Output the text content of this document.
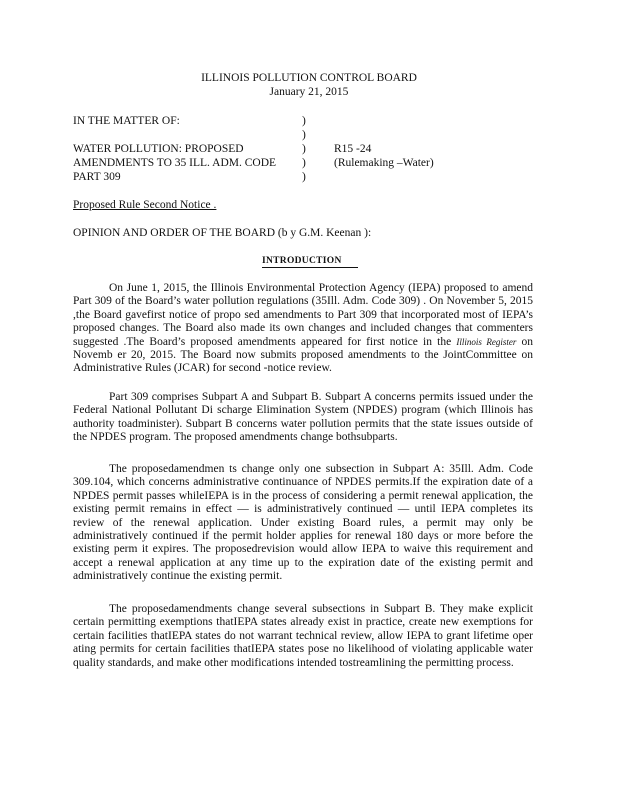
ILLINOIS POLLUTION CONTROL BOARD
January 21, 2015
IN THE MATTER OF:
WATER POLLUTION: PROPOSED
AMENDMENTS TO 35 ILL. ADM. CODE
PART 309
)
)
)
)
)
R15 -24
(Rulemaking –Water)
Proposed Rule Second Notice .
OPINION AND ORDER OF THE BOARD (b y G.M. Keenan ):
INTRODUCTION

On June 1, 2015, the Illinois Environmental Protection Agency (IEPA) proposed to amend Part 309 of the Board’s water pollution regulations (35Ill. Adm. Code 309) . On November 5, 2015 ,the Board gavefirst notice of propo sed amendments to Part 309 that incorporated most of IEPA’s proposed changes. The Board also made its own changes and included changes that commenters suggested .The Board’s proposed amendments appeared for first notice in the Illinois Register on Novemb er 20, 2015. The Board now submits proposed amendments to the JointCommittee on Administrative Rules (JCAR) for second -notice review.

Part 309 comprises Subpart A and Subpart B. Subpart A concerns permits issued under the Federal National Pollutant Di scharge Elimination System (NPDES) program (which Illinois has authority toadminister). Subpart B concerns water pollution permits that the state issues outside of the NPDES program. The proposed amendments change bothsubparts.

The proposedamendmen ts change only one subsection in Subpart A: 35Ill. Adm. Code 309.104, which concerns administrative continuance of NPDES permits.If the expiration date of a NPDES permit passes whileIEPA is in the process of considering a permit renewal application, the existing permit remains in effect — is administratively continued — until IEPA completes its review of the renewal application. Under existing Board rules, a permit may only be administratively continued if the permit holder applies for renewal 180 days or more before the existing perm it expires. The proposedrevision would allow IEPA to waive this requirement and accept a renewal application at any time up to the expiration date of the existing permit and administratively continue the existing permit.

The proposedamendments change several subsections in Subpart B. They make explicit certain permitting exemptions thatIEPA states already exist in practice, create new exemptions for certain facilities thatIEPA states do not warrant technical review, allow IEPA to grant lifetime oper ating permits for certain facilities thatIEPA states pose no likelihood of violating applicable water quality standards, and make other modifications intended tostreamlining the permitting process.
